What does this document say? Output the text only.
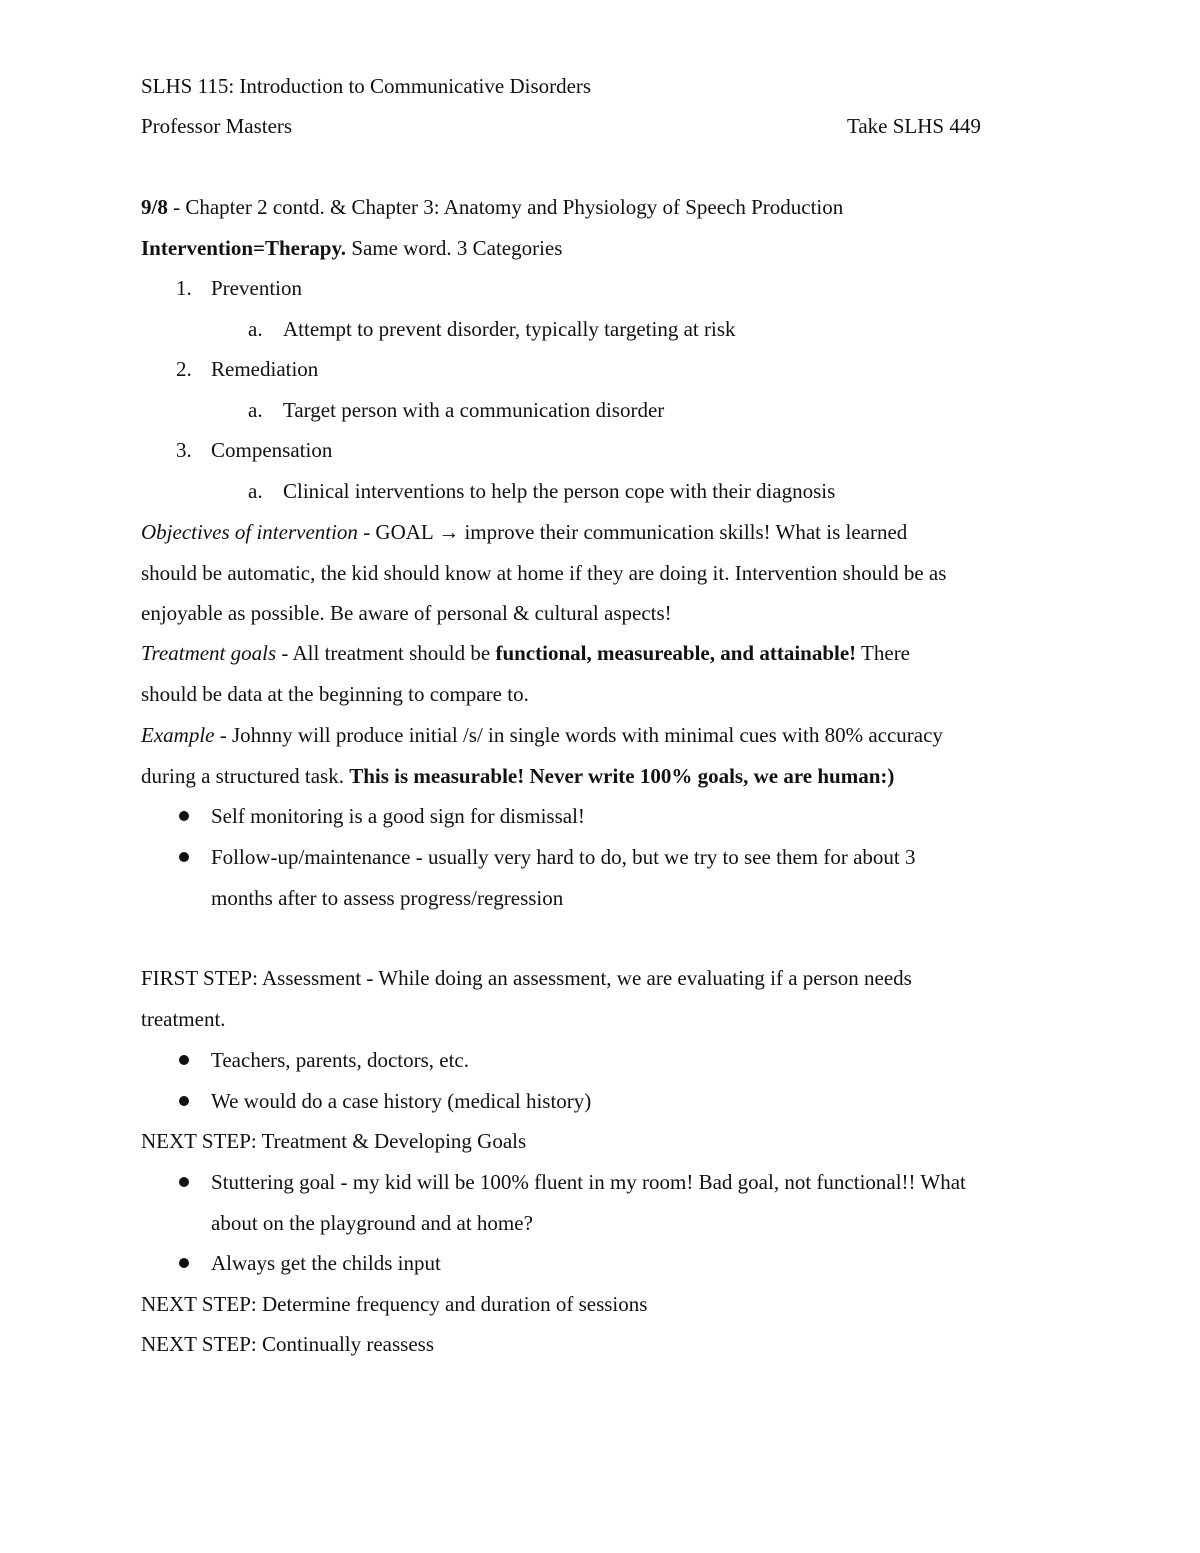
SLHS 115: Introduction to Communicative Disorders
Professor Masters	Take SLHS 449
9/8 - Chapter 2 contd. & Chapter 3: Anatomy and Physiology of Speech Production
Intervention=Therapy. Same word. 3 Categories
1. Prevention
a. Attempt to prevent disorder, typically targeting at risk
2. Remediation
a. Target person with a communication disorder
3. Compensation
a. Clinical interventions to help the person cope with their diagnosis
Objectives of intervention - GOAL → improve their communication skills! What is learned
should be automatic, the kid should know at home if they are doing it. Intervention should be as
enjoyable as possible. Be aware of personal & cultural aspects!
Treatment goals - All treatment should be functional, measureable, and attainable! There
should be data at the beginning to compare to.
Example - Johnny will produce initial /s/ in single words with minimal cues with 80% accuracy
during a structured task. This is measurable! Never write 100% goals, we are human:)
Self monitoring is a good sign for dismissal!
Follow-up/maintenance - usually very hard to do, but we try to see them for about 3
months after to assess progress/regression
FIRST STEP: Assessment - While doing an assessment, we are evaluating if a person needs
treatment.
Teachers, parents, doctors, etc.
We would do a case history (medical history)
NEXT STEP: Treatment & Developing Goals
Stuttering goal - my kid will be 100% fluent in my room! Bad goal, not functional!! What
about on the playground and at home?
Always get the childs input
NEXT STEP: Determine frequency and duration of sessions
NEXT STEP: Continually reassess
